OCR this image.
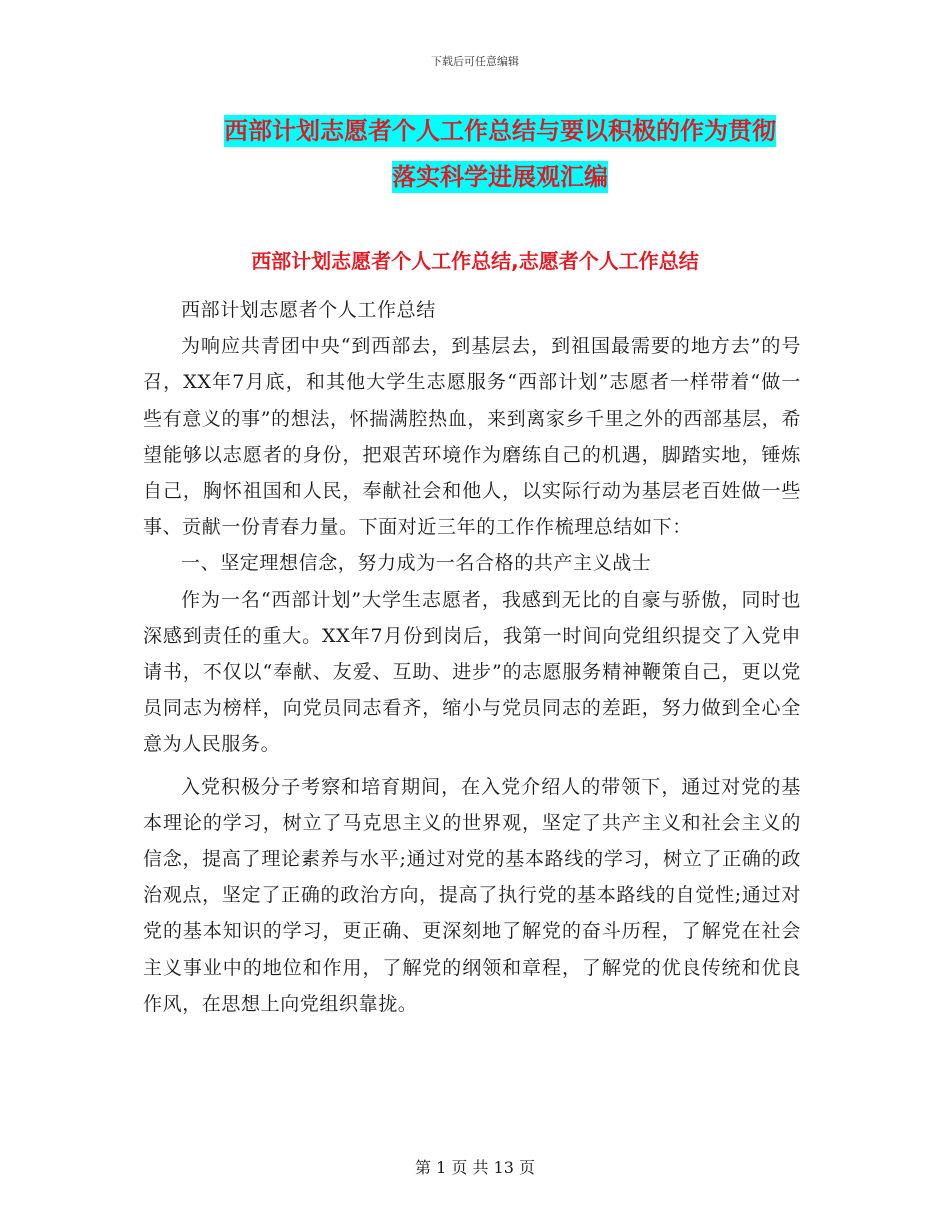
下载后可任意编辑
西部计划志愿者个人工作总结与要以积极的作为贯彻
落实科学进展观汇编
西部计划志愿者个人工作总结,志愿者个人工作总结

西部计划志愿者个人工作总结

为响应共青团中央“到西部去，到基层去，到祖国最需要的地方去”的号召，XX年7月底，和其他大学生志愿服务“西部计划”志愿者一样带着“做一些有意义的事”的想法，怀揣满腔热血，来到离家乡千里之外的西部基层，希望能够以志愿者的身份，把艰苦环境作为磨练自己的机遇，脚踏实地，锤炼自己，胸怀祖国和人民，奉献社会和他人，以实际行动为基层老百姓做一些事、贡献一份青春力量。下面对近三年的工作作梳理总结如下：

一、坚定理想信念，努力成为一名合格的共产主义战士

作为一名“西部计划”大学生志愿者，我感到无比的自豪与骄傲，同时也深感到责任的重大。XX年7月份到岗后，我第一时间向党组织提交了入党申请书，不仅以“奉献、友爱、互助、进步”的志愿服务精神鞭策自己，更以党员同志为榜样，向党员同志看齐，缩小与党员同志的差距，努力做到全心全意为人民服务。

入党积极分子考察和培育期间，在入党介绍人的带领下，通过对党的基本理论的学习，树立了马克思主义的世界观，坚定了共产主义和社会主义的信念，提高了理论素养与水平;通过对党的基本路线的学习，树立了正确的政治观点，坚定了正确的政治方向，提高了执行党的基本路线的自觉性;通过对党的基本知识的学习，更正确、更深刻地了解党的奋斗历程，了解党在社会主义事业中的地位和作用，了解党的纲领和章程，了解党的优良传统和优良作风，在思想上向党组织靠拢。

第 1 页 共 13 页
